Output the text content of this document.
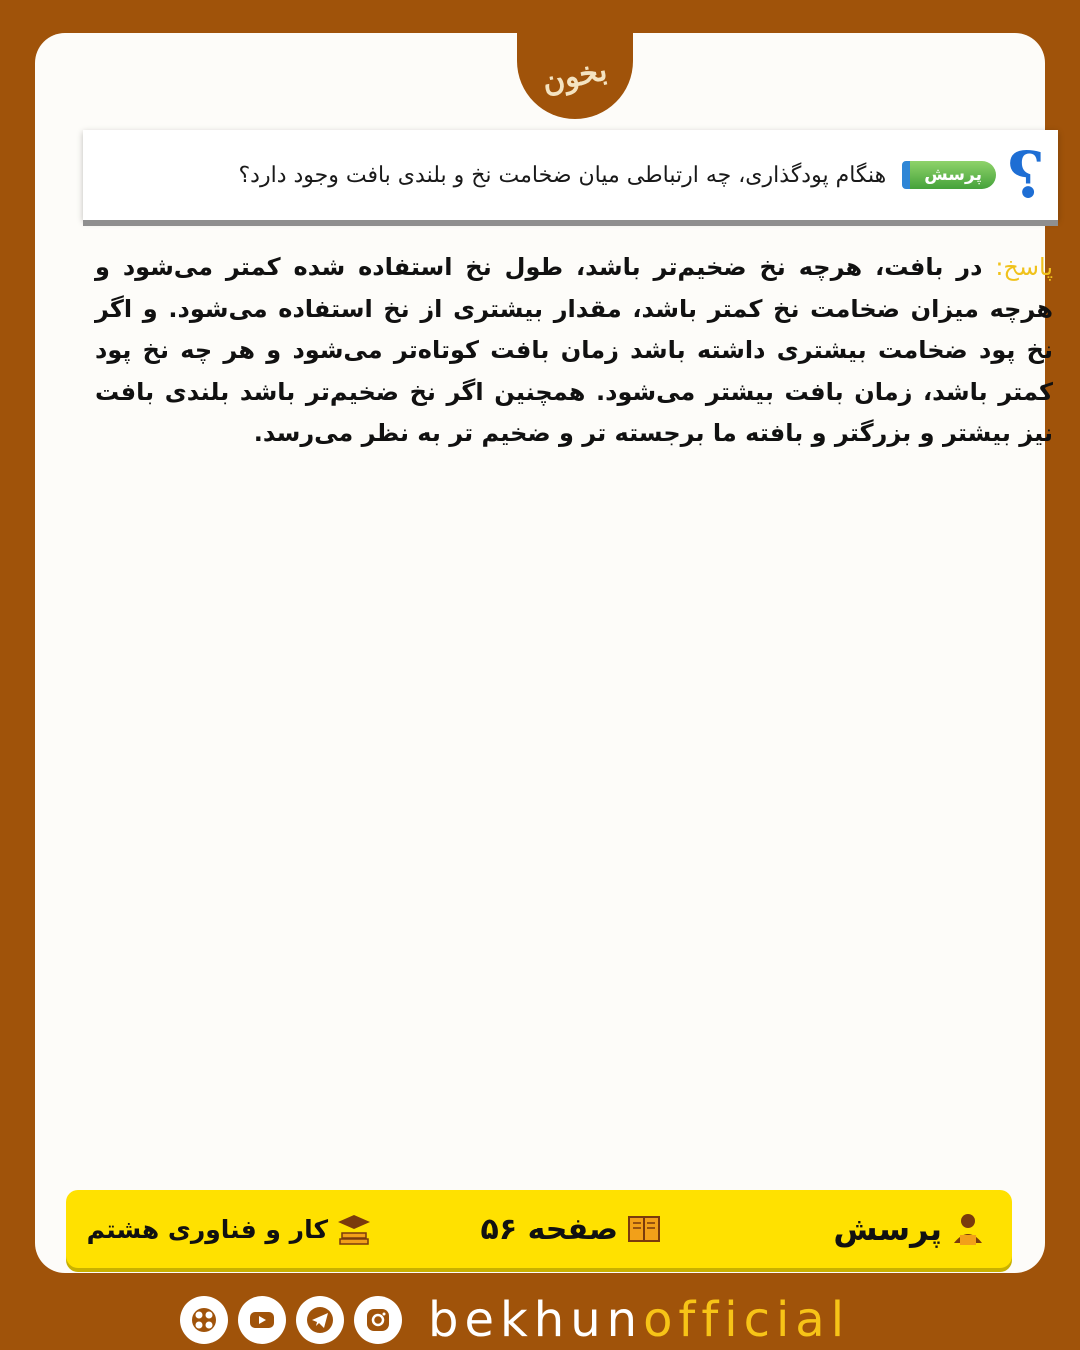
بخون
?
پرسش
هنگام پودگذاری، چه ارتباطی میان ضخامت نخ و بلندی بافت وجود دارد؟
پاسخ: در بافت، هرچه نخ ضخیم‌تر باشد، طول نخ استفاده شده کمتر می‌شود و هرچه میزان ضخامت نخ کمتر باشد، مقدار بیشتری از نخ استفاده می‌شود. و اگر نخ پود ضخامت بیشتری داشته باشد زمان بافت کوتاه‌تر می‌شود و هر چه نخ پود کمتر باشد، زمان بافت بیشتر می‌شود. همچنین اگر نخ ضخیم‌تر باشد بلندی بافت نیز بیشتر و بزرگتر و بافته ما برجسته تر و ضخیم تر به نظر می‌رسد.
پرسش
صفحه ۵۶
کار و فناوری هشتم
bekhunofficial
